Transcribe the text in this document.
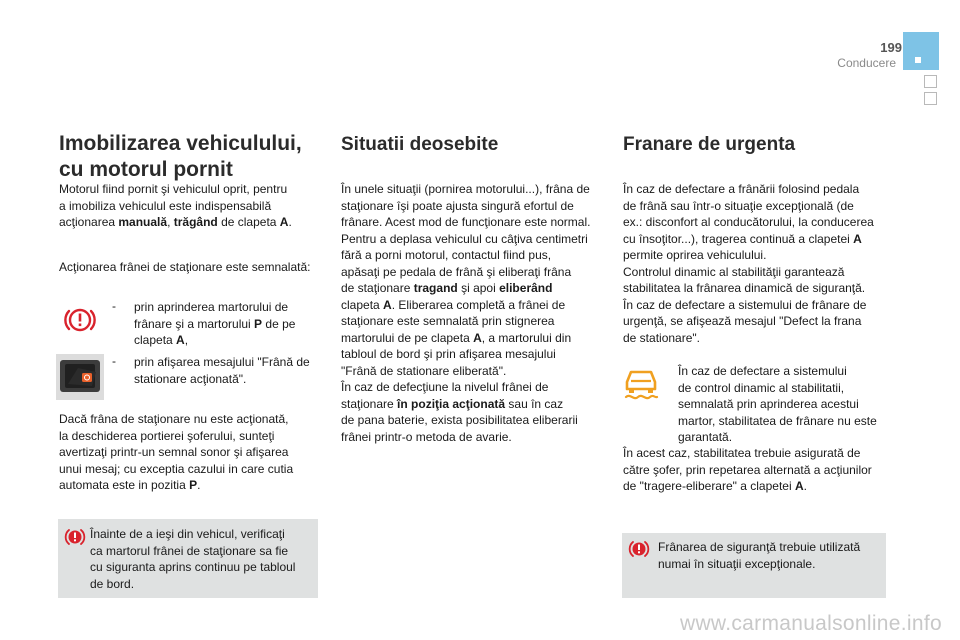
199
Conducere
Imobilizarea vehiculului,
cu motorul pornit

Motorul fiind pornit şi vehiculul oprit, pentru

a imobiliza vehiculul este indispensabilă

acţionarea manuală, trăgând de clapeta A.

Acţionarea frânei de staţionare este semnalată:

- prin aprinderea martorului de

frânare şi a martorului P de pe

clapeta A,

- prin afişarea mesajului "Frână de

stationare acţionată".

Dacă frâna de staţionare nu este acţionată,

la deschiderea portierei şoferului, sunteţi

avertizaţi printr-un semnal sonor şi afişarea

unui mesaj; cu exceptia cazului in care cutia

automata este in pozitia P.

Înainte de a ieşi din vehicul, verificaţi

ca martorul frânei de staţionare sa fie

cu siguranta aprins continuu pe tabloul

de bord.

Situatii deosebite

În unele situaţii (pornirea motorului...), frâna de

staţionare îşi poate ajusta singură efortul de

frânare. Acest mod de funcţionare este normal.

Pentru a deplasa vehiculul cu câţiva centimetri

fără a porni motorul, contactul fiind pus,

apăsaţi pe pedala de frână şi eliberaţi frâna

de staţionare tragand şi apoi eliberând

clapeta A. Eliberarea completă a frânei de

staţionare este semnalată prin stignerea

martorului de pe clapeta A, a martorului din

tabloul de bord şi prin afişarea mesajului

"Frână de stationare eliberată".

În caz de defecţiune la nivelul frânei de

staţionare în poziţia acţionată sau în caz

de pana baterie, exista posibilitatea eliberarii

frânei printr-o metoda de avarie.

Franare de urgenta

În caz de defectare a frânării folosind pedala

de frână sau într-o situaţie excepţională (de

ex.: disconfort al conducătorului, la conducerea

cu însoţitor...), tragerea continuă a clapetei A

permite oprirea vehiculului.

Controlul dinamic al stabilităţii garantează

stabilitatea la frânarea dinamică de siguranţă.

În caz de defectare a sistemului de frânare de

urgenţă, se afişează mesajul "Defect la frana

de stationare".

În caz de defectare a sistemului

de control dinamic al stabilitatii,

semnalată prin aprinderea acestui

martor, stabilitatea de frânare nu este

garantată.

În acest caz, stabilitatea trebuie asigurată de

către şofer, prin repetarea alternată a acţiunilor

de "tragere-eliberare" a clapetei A.

Frânarea de siguranţă trebuie utilizată

numai în situaţii excepţionale.

www.carmanualsonline.info
